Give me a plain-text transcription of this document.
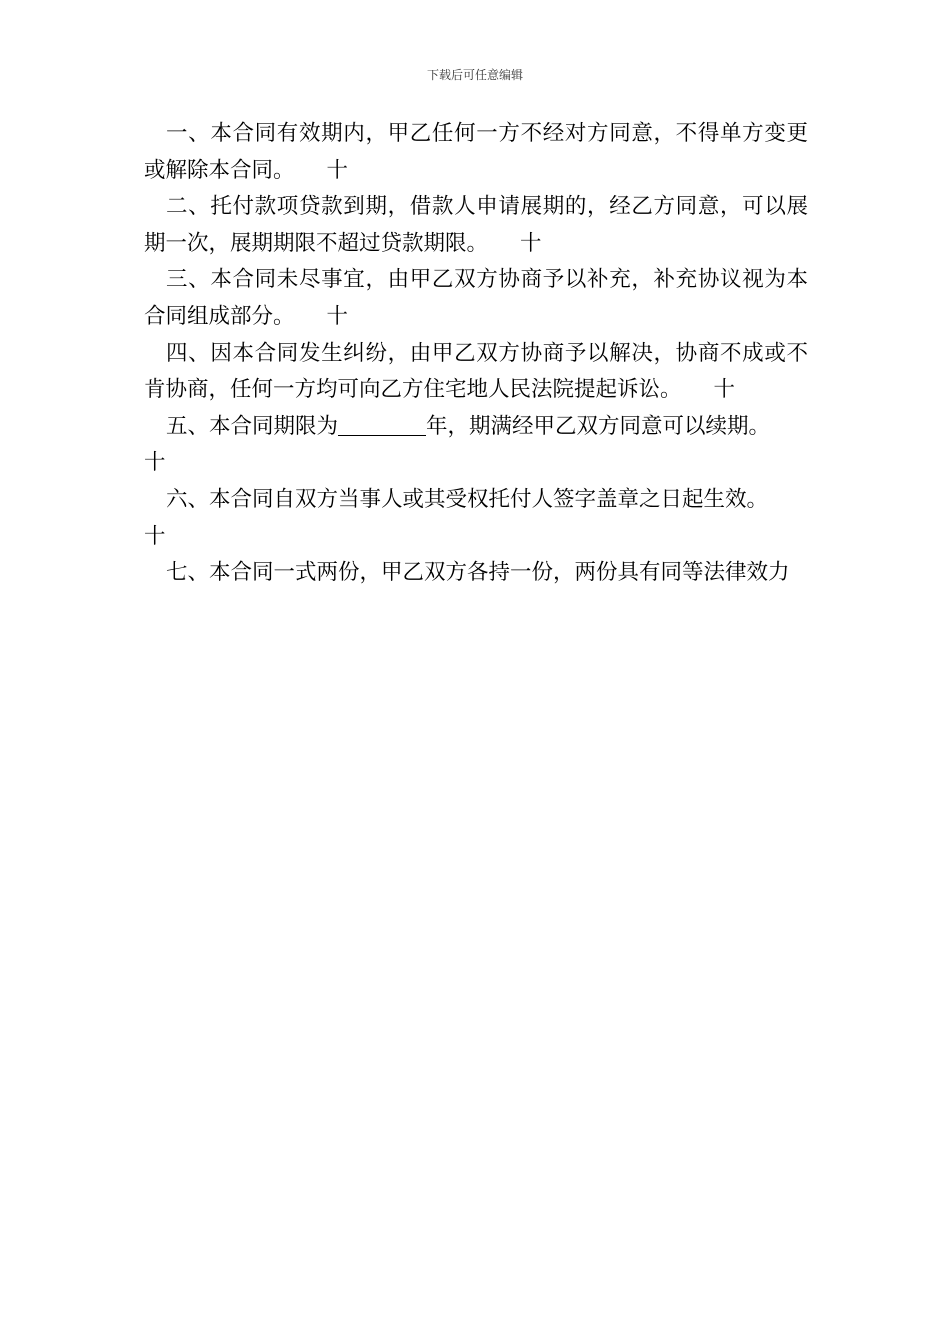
下载后可任意编辑

一、本合同有效期内，甲乙任何一方不经对方同意，不得单方变更或解除本合同。 十

二、托付款项贷款到期，借款人申请展期的，经乙方同意，可以展期一次，展期期限不超过贷款期限。 十

三、本合同未尽事宜，由甲乙双方协商予以补充，补充协议视为本合同组成部分。 十

四、因本合同发生纠纷，由甲乙双方协商予以解决，协商不成或不肯协商，任何一方均可向乙方住宅地人民法院提起诉讼。 十

五、本合同期限为	年，期满经甲乙双方同意可以续期。
十

六、本合同自双方当事人或其受权托付人签字盖章之日起生效。
十

七、本合同一式两份，甲乙双方各持一份，两份具有同等法律效力
